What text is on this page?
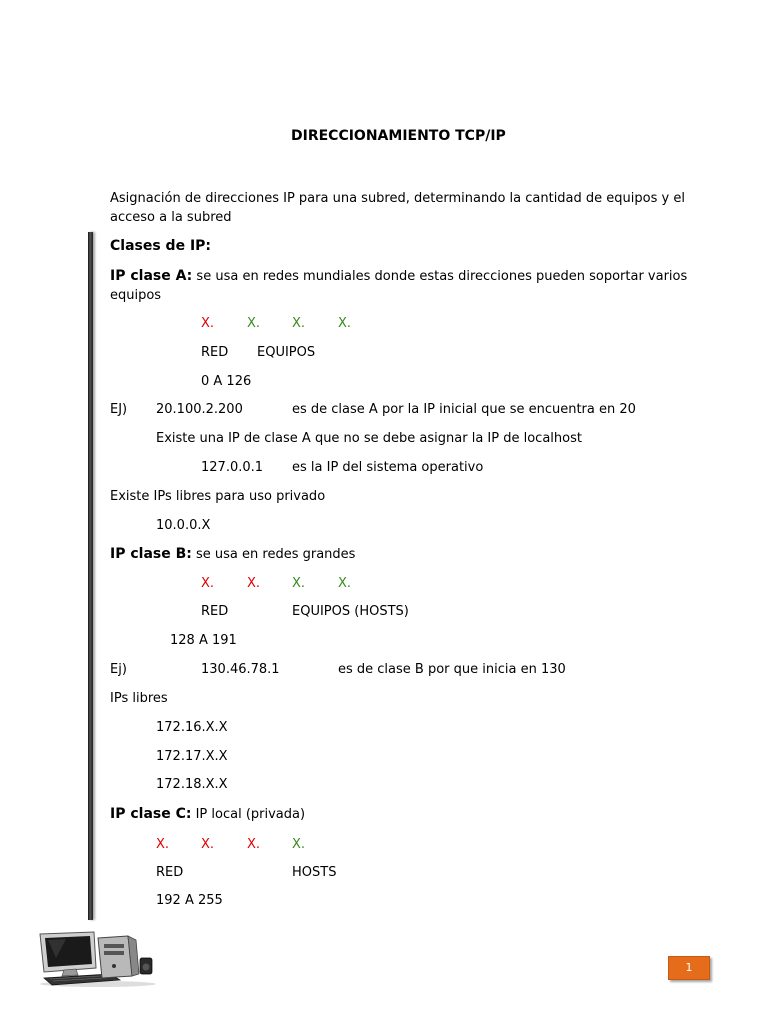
DIRECCIONAMIENTO TCP/IP
Asignación de direcciones IP para una subred, determinando la cantidad de equipos y el
acceso a la subred
Clases de IP:
IP clase A: se usa en redes mundiales donde estas direcciones pueden soportar varios
equipos
X.	X. X.	X.
RED EQUIPOS
0 A 126
EJ) 20.100.2.200	es de clase A por la IP inicial que se encuentra en 20
Existe una IP de clase A que no se debe asignar la IP de localhost
127.0.0.1 es la IP del sistema operativo
Existe IPs libres para uso privado
10.0.0.X
IP clase B: se usa en redes grandes
X.	X. X.	X.
RED	EQUIPOS (HOSTS)
128 A 191
Ej)	130.46.78.1	es de clase B por que inicia en 130
IPs libres
172.16.X.X
172.17.X.X
172.18.X.X
IP clase C: IP local (privada)
X. X.	X. X.
RED	HOSTS
192 A 255
1
